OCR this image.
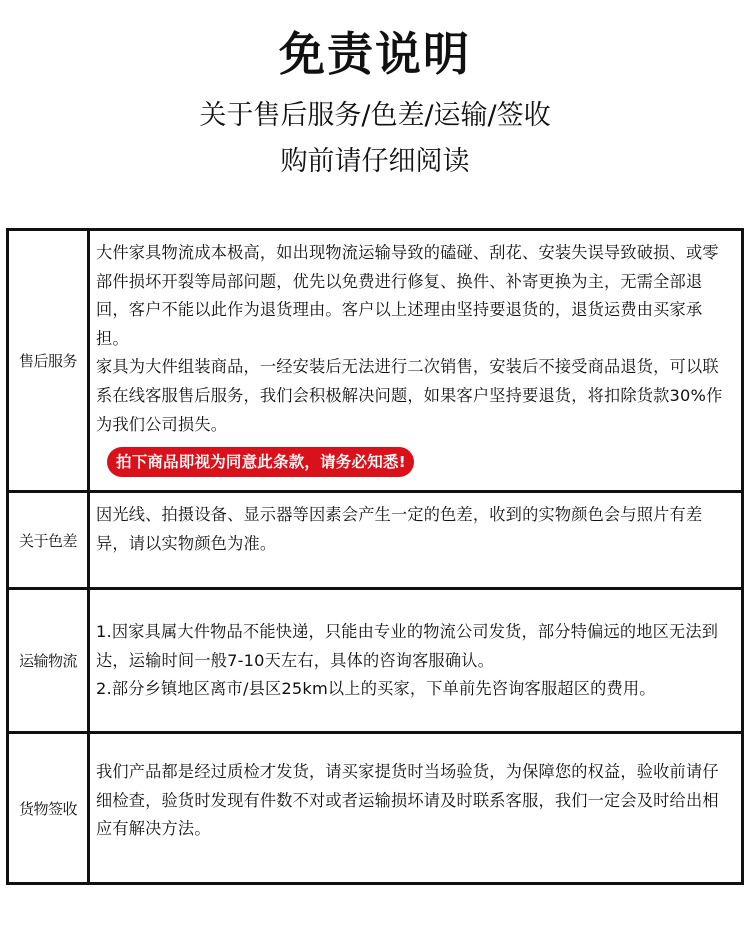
免责说明
关于售后服务/色差/运输/签收
购前请仔细阅读
售后服务

大件家具物流成本极高，如出现物流运输导致的磕碰、刮花、安装失误导致破损、或零部件损坏开裂等局部问题，优先以免费进行修复、换件、补寄更换为主，无需全部退回，客户不能以此作为退货理由。客户以上述理由坚持要退货的，退货运费由买家承担。

家具为大件组装商品，一经安装后无法进行二次销售，安装后不接受商品退货，可以联系在线客服售后服务，我们会积极解决问题，如果客户坚持要退货，将扣除货款30%作为我们公司损失。

拍下商品即视为同意此条款，请务必知悉!
关于色差

因光线、拍摄设备、显示器等因素会产生一定的色差，收到的实物颜色会与照片有差异，请以实物颜色为准。

运输物流

1.因家具属大件物品不能快递，只能由专业的物流公司发货，部分特偏远的地区无法到达，运输时间一般7-10天左右，具体的咨询客服确认。

2.部分乡镇地区离市/县区25km以上的买家，下单前先咨询客服超区的费用。

货物签收

我们产品都是经过质检才发货，请买家提货时当场验货，为保障您的权益，验收前请仔细检查，验货时发现有件数不对或者运输损坏请及时联系客服，我们一定会及时给出相应有解决方法。
